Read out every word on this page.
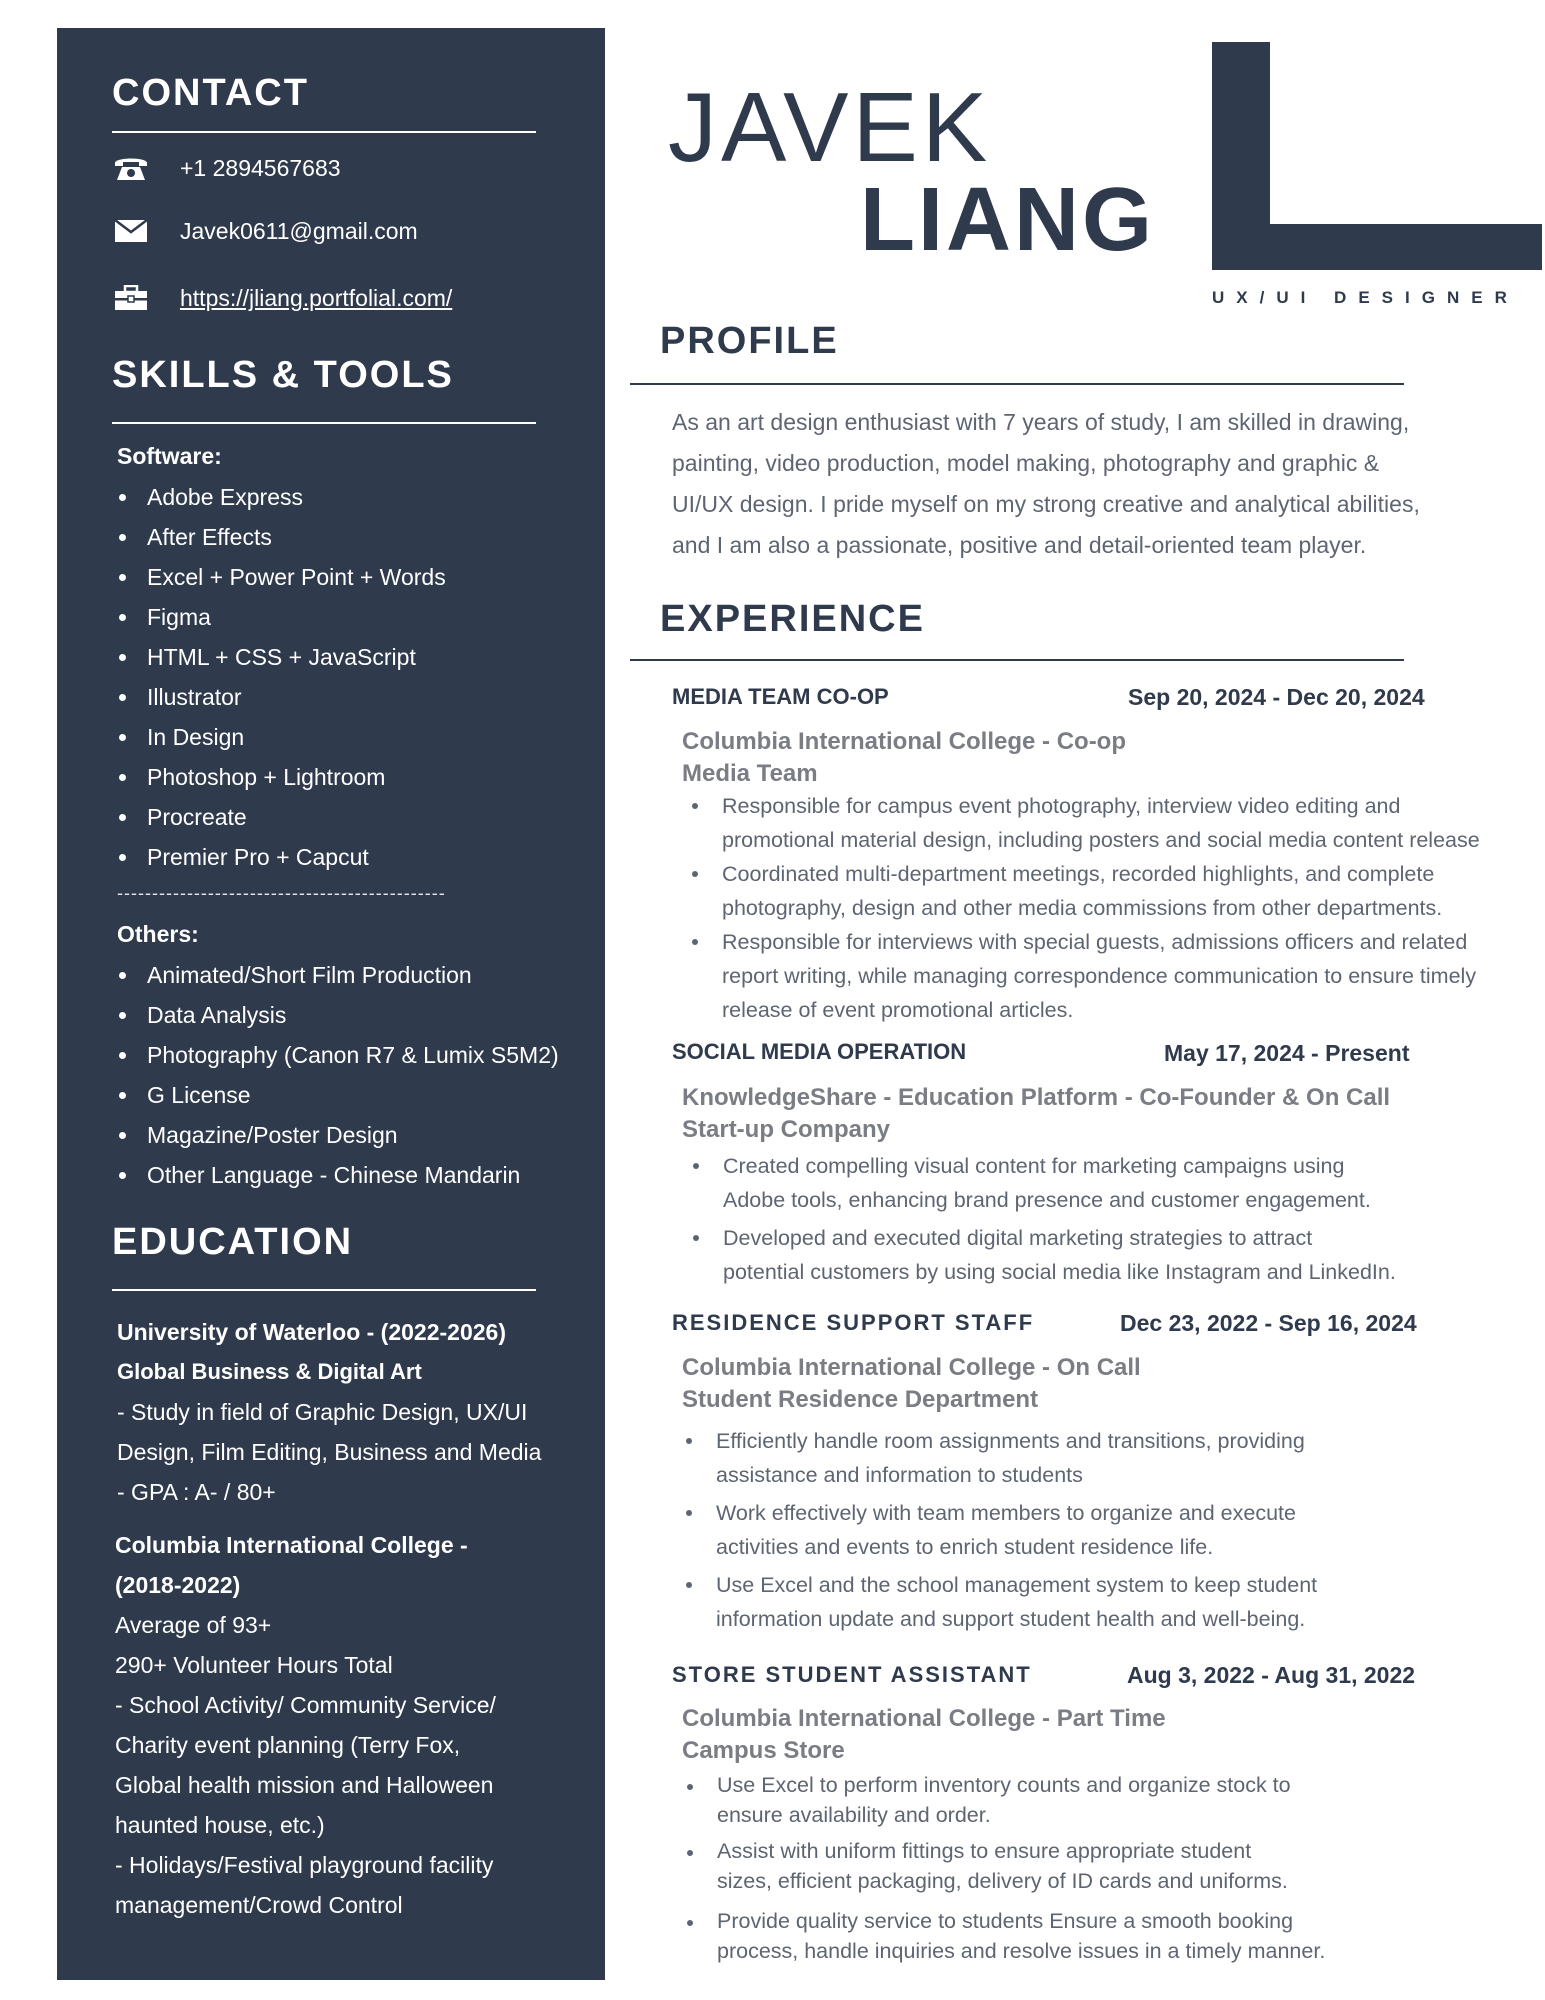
CONTACT
+1 2894567683
Javek0611@gmail.com
https://jliang.portfolial.com/
SKILLS & TOOLS
Software:
Adobe Express
After Effects
Excel + Power Point + Words
Figma
HTML + CSS + JavaScript
Illustrator
In Design
Photoshop + Lightroom
Procreate
Premier Pro + Capcut
-----------------------------------------------
Others:
Animated/Short Film Production
Data Analysis
Photography (Canon R7 & Lumix S5M2)
G License
Magazine/Poster Design
Other Language - Chinese Mandarin
EDUCATION
University of Waterloo - (2022-2026)
Global Business & Digital Art
- Study in field of Graphic Design, UX/UI
Design, Film Editing, Business and Media
- GPA : A- / 80+
Columbia International College -
(2018-2022)
Average of 93+
290+ Volunteer Hours Total
- School Activity/ Community Service/
Charity event planning (Terry Fox,
Global health mission and Halloween
haunted house, etc.)
- Holidays/Festival playground facility
management/Crowd Control
JAVEK
LIANG
UX/UI DESIGNER
PROFILE
As an art design enthusiast with 7 years of study, I am skilled in drawing,
painting, video production, model making, photography and graphic &
UI/UX design. I pride myself on my strong creative and analytical abilities,
and I am also a passionate, positive and detail-oriented team player.
EXPERIENCE
MEDIA TEAM CO-OP	Sep 20, 2024 - Dec 20, 2024
Columbia International College - Co-op
Media Team
Responsible for campus event photography, interview video editing and
promotional material design, including posters and social media content release
Coordinated multi-department meetings, recorded highlights, and complete
photography, design and other media commissions from other departments.
Responsible for interviews with special guests, admissions officers and related
report writing, while managing correspondence communication to ensure timely
release of event promotional articles.
SOCIAL MEDIA OPERATION	May 17, 2024 - Present
KnowledgeShare - Education Platform - Co-Founder & On Call
Start-up Company
Created compelling visual content for marketing campaigns using
Adobe tools, enhancing brand presence and customer engagement.
Developed and executed digital marketing strategies to attract
potential customers by using social media like Instagram and LinkedIn.
RESIDENCE SUPPORT STAFF	Dec 23, 2022 - Sep 16, 2024
Columbia International College - On Call
Student Residence Department
Efficiently handle room assignments and transitions, providing
assistance and information to students
Work effectively with team members to organize and execute
activities and events to enrich student residence life.
Use Excel and the school management system to keep student
information update and support student health and well-being.
STORE STUDENT ASSISTANT	Aug 3, 2022 - Aug 31, 2022
Columbia International College - Part Time
Campus Store
Use Excel to perform inventory counts and organize stock to
ensure availability and order.
Assist with uniform fittings to ensure appropriate student
sizes, efficient packaging, delivery of ID cards and uniforms.
Provide quality service to students Ensure a smooth booking
process, handle inquiries and resolve issues in a timely manner.
